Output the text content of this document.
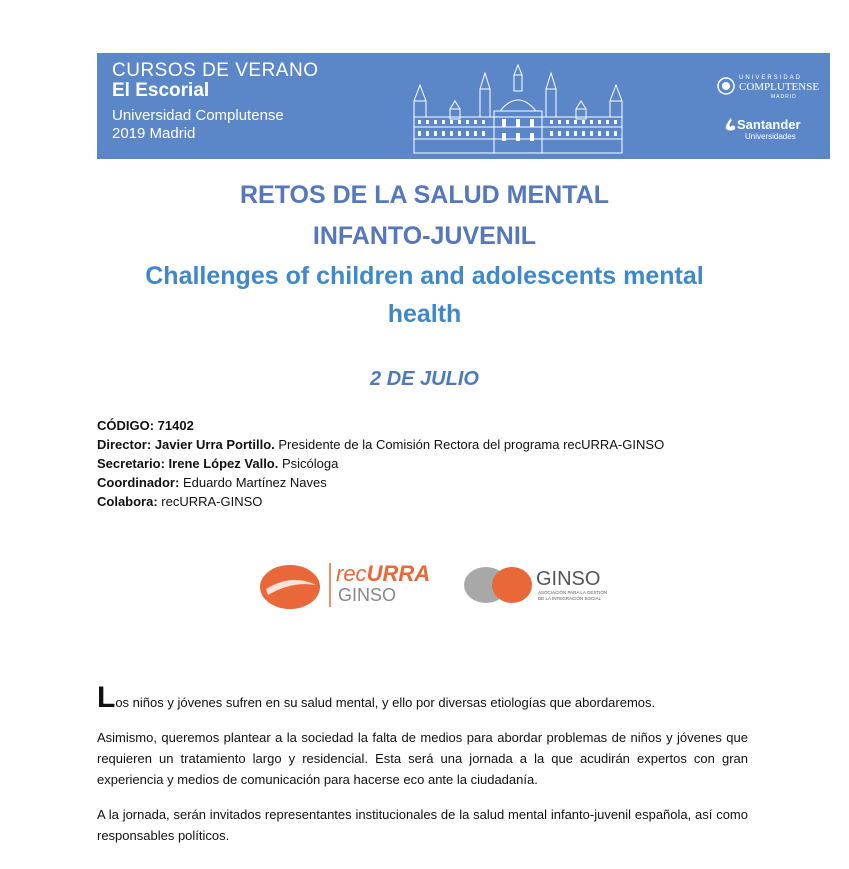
CURSOS DE VERANO
El Escorial
Universidad Complutense
2019 Madrid
UNIVERSIDAD
COMPLUTENSE
MADRID
Santander
Universidades
RETOS DE LA SALUD MENTAL
INFANTO-JUVENIL
Challenges of children and adolescents mental
health
2 DE JULIO
CÓDIGO: 71402
Director: Javier Urra Portillo. Presidente de la Comisión Rectora del programa recURRA-GINSO
Secretario: Irene López Vallo. Psicóloga
Coordinador: Eduardo Martínez Naves
Colabora: recURRA-GINSO
recURRA
GINSO
GINSO
ASOCIACIÓN PARA LA GESTIÓN
DE LA INTEGRACIÓN SOCIAL
Los niños y jóvenes sufren en su salud mental, y ello por diversas etiologías que abordaremos.
Asimismo, queremos plantear a la sociedad la falta de medios para abordar problemas de niños y jóvenes que requieren un tratamiento largo y residencial. Esta será una jornada a la que acudirán expertos con gran experiencia y medios de comunicación para hacerse eco ante la ciudadanía.
A la jornada, serán invitados representantes institucionales de la salud mental infanto-juvenil española, así como responsables políticos.
